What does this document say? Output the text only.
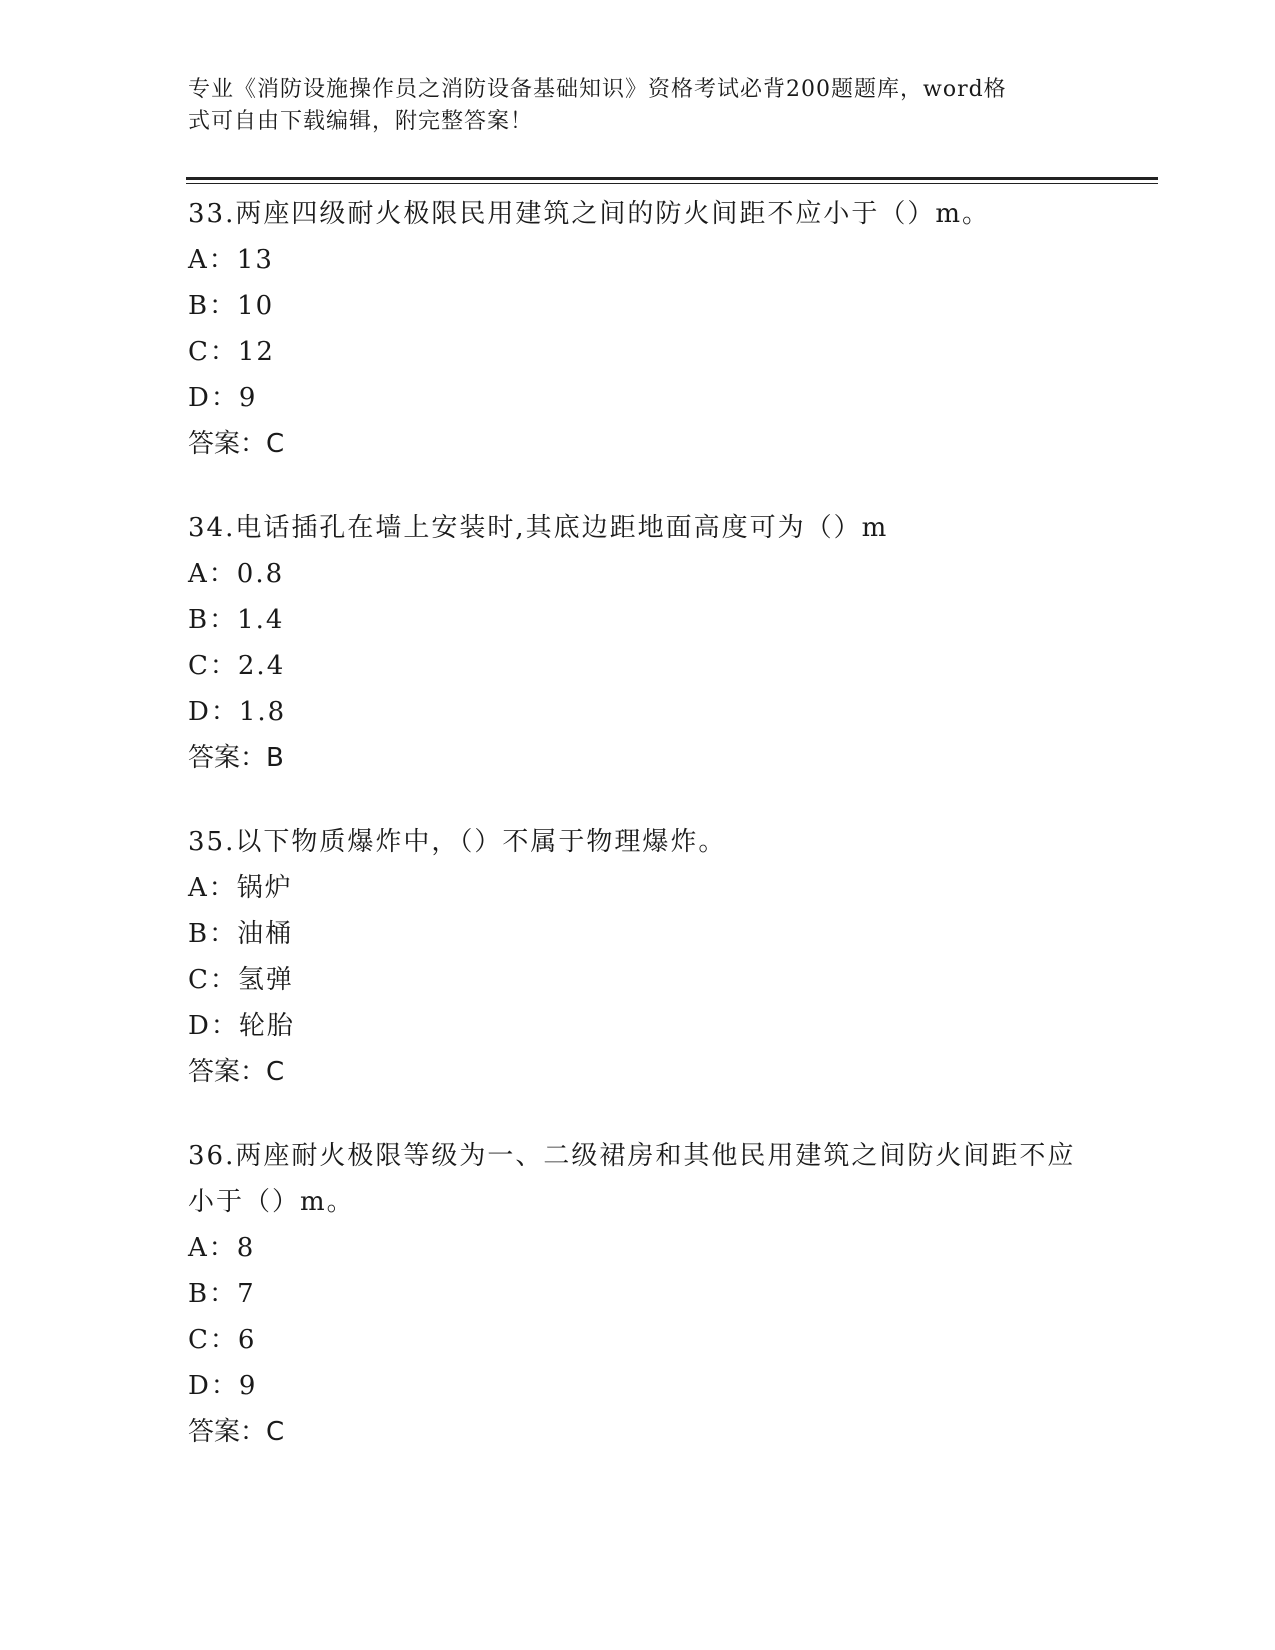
专业《消防设施操作员之消防设备基础知识》资格考试必背200题题库，word格
式可自由下载编辑，附完整答案！
33.两座四级耐火极限民用建筑之间的防火间距不应小于（）m。
A：13
B：10
C：12
D：9
答案：C
34.电话插孔在墙上安装时,其底边距地面高度可为（）m
A：0.8
B：1.4
C：2.4
D：1.8
答案：B
35.以下物质爆炸中，（）不属于物理爆炸。
A：锅炉
B：油桶
C：氢弹
D：轮胎
答案：C
36.两座耐火极限等级为一、二级裙房和其他民用建筑之间防火间距不应小于（）m。
A：8
B：7
C：6
D：9
答案：C
